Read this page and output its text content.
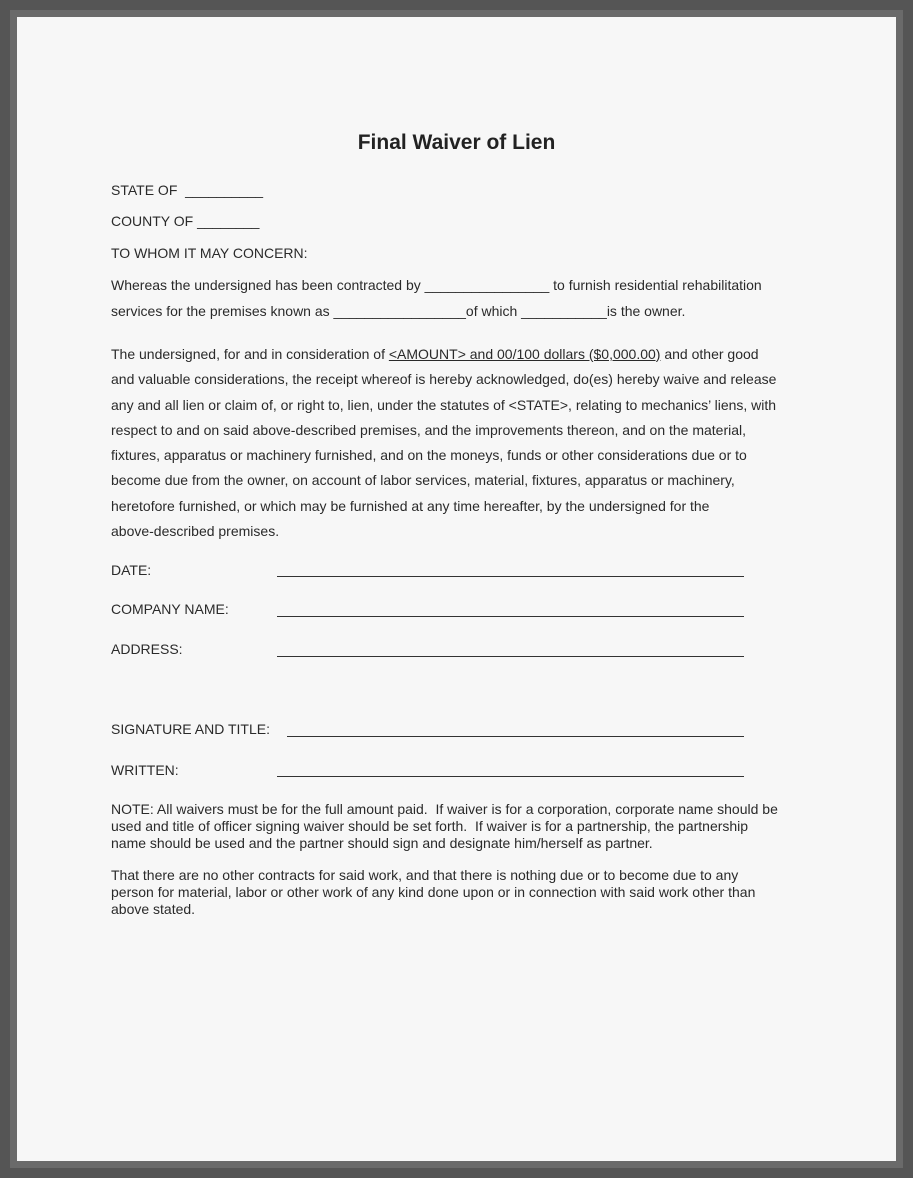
Final Waiver of Lien
STATE OF  __________
COUNTY OF ________
TO WHOM IT MAY CONCERN:
Whereas the undersigned has been contracted by ________________ to furnish residential rehabilitation
services for the premises known as _________________of which ___________is the owner.
The undersigned, for and in consideration of <AMOUNT> and 00/100 dollars ($0,000.00) and other good
and valuable considerations, the receipt whereof is hereby acknowledged, do(es) hereby waive and release
any and all lien or claim of, or right to, lien, under the statutes of <STATE>, relating to mechanics’ liens, with
respect to and on said above-described premises, and the improvements thereon, and on the material,
fixtures, apparatus or machinery furnished, and on the moneys, funds or other considerations due or to
become due from the owner, on account of labor services, material, fixtures, apparatus or machinery,
heretofore furnished, or which may be furnished at any time hereafter, by the undersigned for the
above-described premises.
DATE:
COMPANY NAME:
ADDRESS:
SIGNATURE AND TITLE:
WRITTEN:
NOTE: All waivers must be for the full amount paid.  If waiver is for a corporation, corporate name should be
used and title of officer signing waiver should be set forth.  If waiver is for a partnership, the partnership
name should be used and the partner should sign and designate him/herself as partner.
That there are no other contracts for said work, and that there is nothing due or to become due to any
person for material, labor or other work of any kind done upon or in connection with said work other than
above stated.
